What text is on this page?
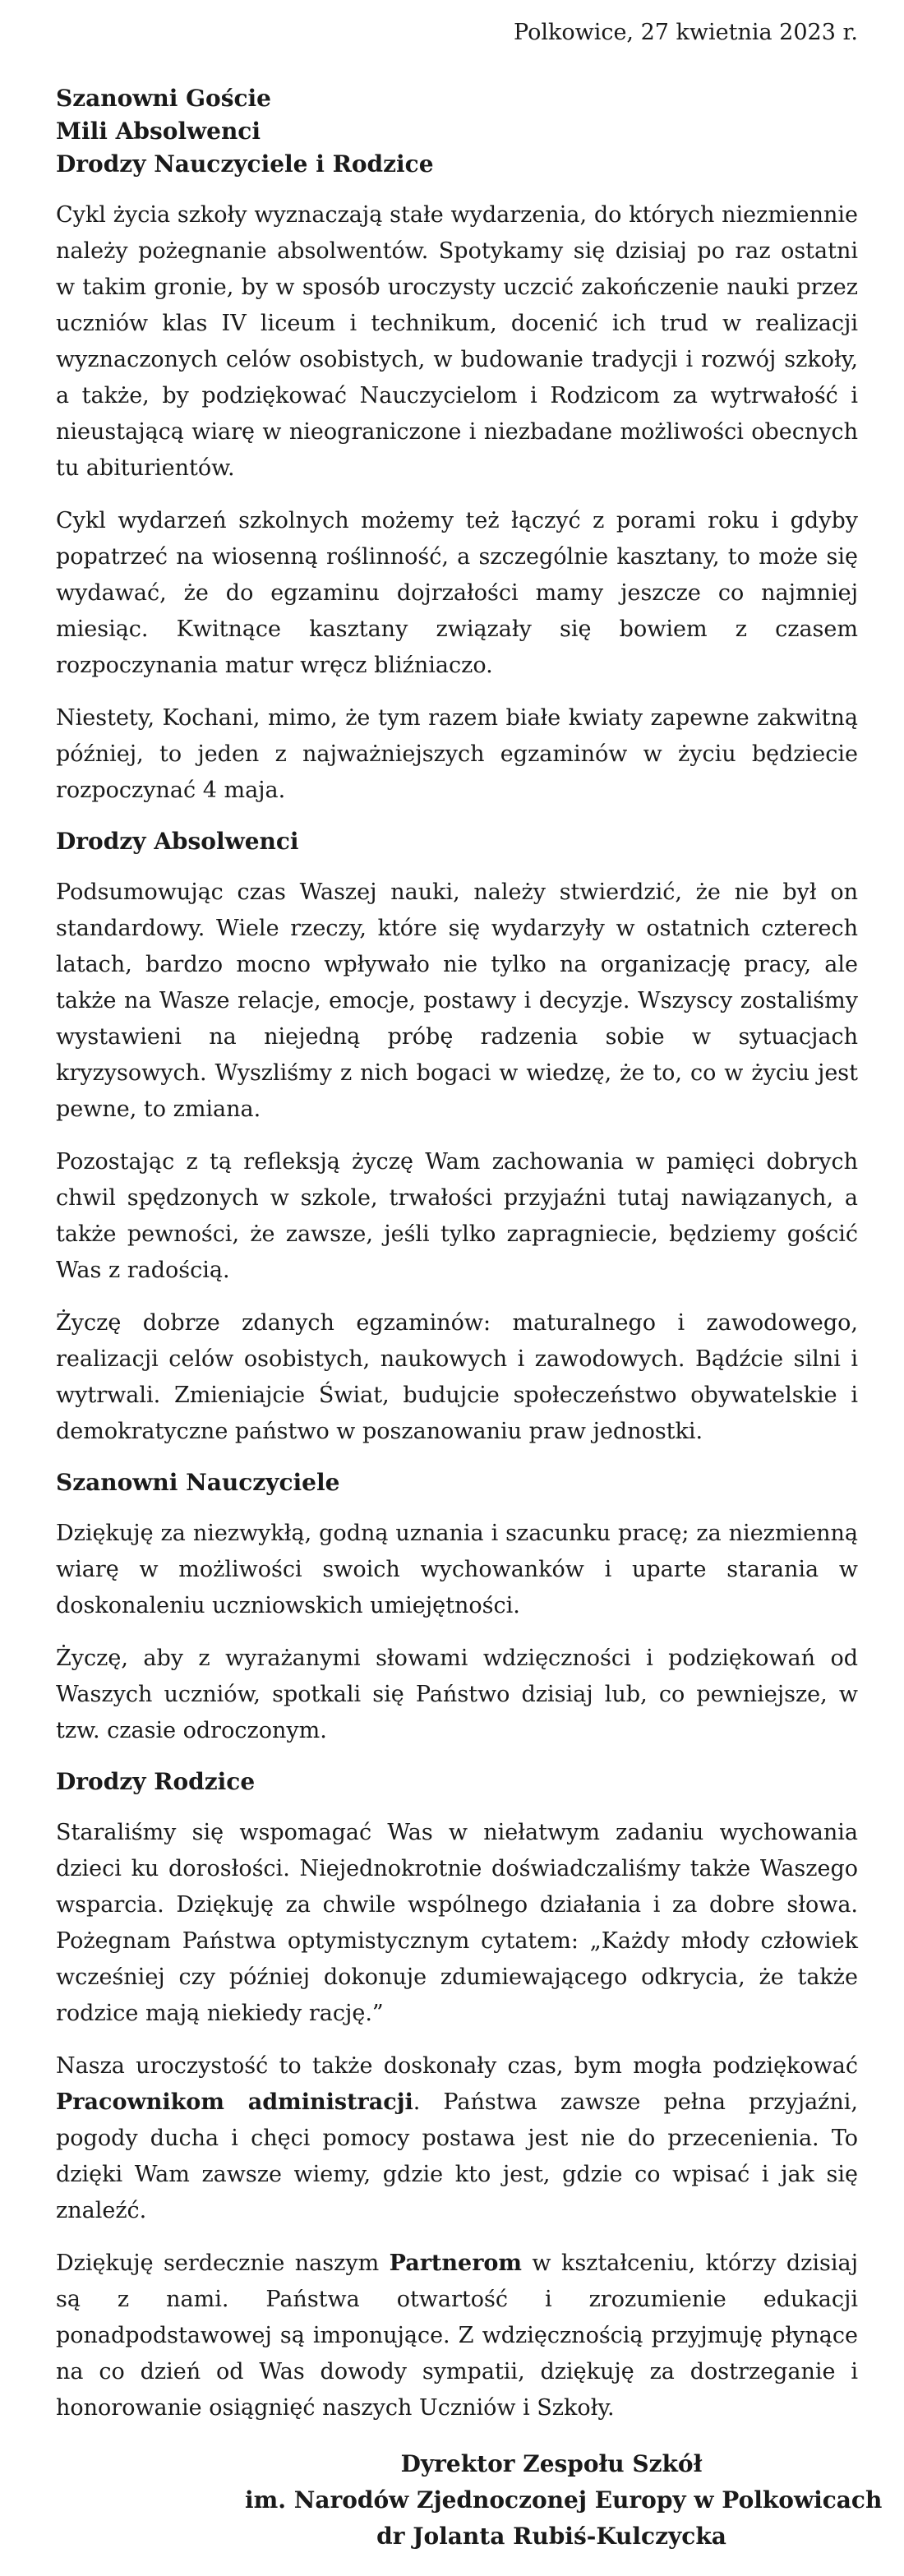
Polkowice, 27 kwietnia 2023 r.
Szanowni Goście
Mili Absolwenci
Drodzy Nauczyciele i Rodzice

Cykl życia szkoły wyznaczają stałe wydarzenia, do których niezmiennie należy pożegnanie absolwentów. Spotykamy się dzisiaj po raz ostatni w takim gronie, by w sposób uroczysty uczcić zakończenie nauki przez uczniów klas IV liceum i technikum, docenić ich trud w realizacji wyznaczonych celów osobistych, w budowanie tradycji i rozwój szkoły, a także, by podziękować Nauczycielom i Rodzicom za wytrwałość i nieustającą wiarę w nieograniczone i niezbadane możliwości obecnych tu abiturientów.

Cykl wydarzeń szkolnych możemy też łączyć z porami roku i gdyby popatrzeć na wiosenną roślinność, a szczególnie kasztany, to może się wydawać, że do egzaminu dojrzałości mamy jeszcze co najmniej miesiąc. Kwitnące kasztany związały się bowiem z czasem rozpoczynania matur wręcz bliźniaczo.

Niestety, Kochani, mimo, że tym razem białe kwiaty zapewne zakwitną później, to jeden z najważniejszych egzaminów w życiu będziecie rozpoczynać 4 maja.

Drodzy Absolwenci

Podsumowując czas Waszej nauki, należy stwierdzić, że nie był on standardowy. Wiele rzeczy, które się wydarzyły w ostatnich czterech latach, bardzo mocno wpływało nie tylko na organizację pracy, ale także na Wasze relacje, emocje, postawy i decyzje. Wszyscy zostaliśmy wystawieni na niejedną próbę radzenia sobie w sytuacjach kryzysowych. Wyszliśmy z nich bogaci w wiedzę, że to, co w życiu jest pewne, to zmiana.

Pozostając z tą refleksją życzę Wam zachowania w pamięci dobrych chwil spędzonych w szkole, trwałości przyjaźni tutaj nawiązanych, a także pewności, że zawsze, jeśli tylko zapragniecie, będziemy gościć Was z radością.

Życzę dobrze zdanych egzaminów: maturalnego i zawodowego, realizacji celów osobistych, naukowych i zawodowych. Bądźcie silni i wytrwali. Zmieniajcie Świat, budujcie społeczeństwo obywatelskie i demokratyczne państwo w poszanowaniu praw jednostki.

Szanowni Nauczyciele

Dziękuję za niezwykłą, godną uznania i szacunku pracę; za niezmienną wiarę w możliwości swoich wychowanków i uparte starania w doskonaleniu uczniowskich umiejętności.

Życzę, aby z wyrażanymi słowami wdzięczności i podziękowań od Waszych uczniów, spotkali się Państwo dzisiaj lub, co pewniejsze, w tzw. czasie odroczonym.

Drodzy Rodzice

Staraliśmy się wspomagać Was w niełatwym zadaniu wychowania dzieci ku dorosłości. Niejednokrotnie doświadczaliśmy także Waszego wsparcia. Dziękuję za chwile wspólnego działania i za dobre słowa. Pożegnam Państwa optymistycznym cytatem: „Każdy młody człowiek wcześniej czy później dokonuje zdumiewającego odkrycia, że także rodzice mają niekiedy rację.”

Nasza uroczystość to także doskonały czas, bym mogła podziękować Pracownikom administracji. Państwa zawsze pełna przyjaźni, pogody ducha i chęci pomocy postawa jest nie do przecenienia. To dzięki Wam zawsze wiemy, gdzie kto jest, gdzie co wpisać i jak się znaleźć.

Dziękuję serdecznie naszym Partnerom w kształceniu, którzy dzisiaj są z nami. Państwa otwartość i zrozumienie edukacji ponadpodstawowej są imponujące. Z wdzięcznością przyjmuję płynące na co dzień od Was dowody sympatii, dziękuję za dostrzeganie i honorowanie osiągnięć naszych Uczniów i Szkoły.

Dyrektor Zespołu Szkół
im. Narodów Zjednoczonej Europy w Polkowicach
dr Jolanta Rubiś-Kulczycka
